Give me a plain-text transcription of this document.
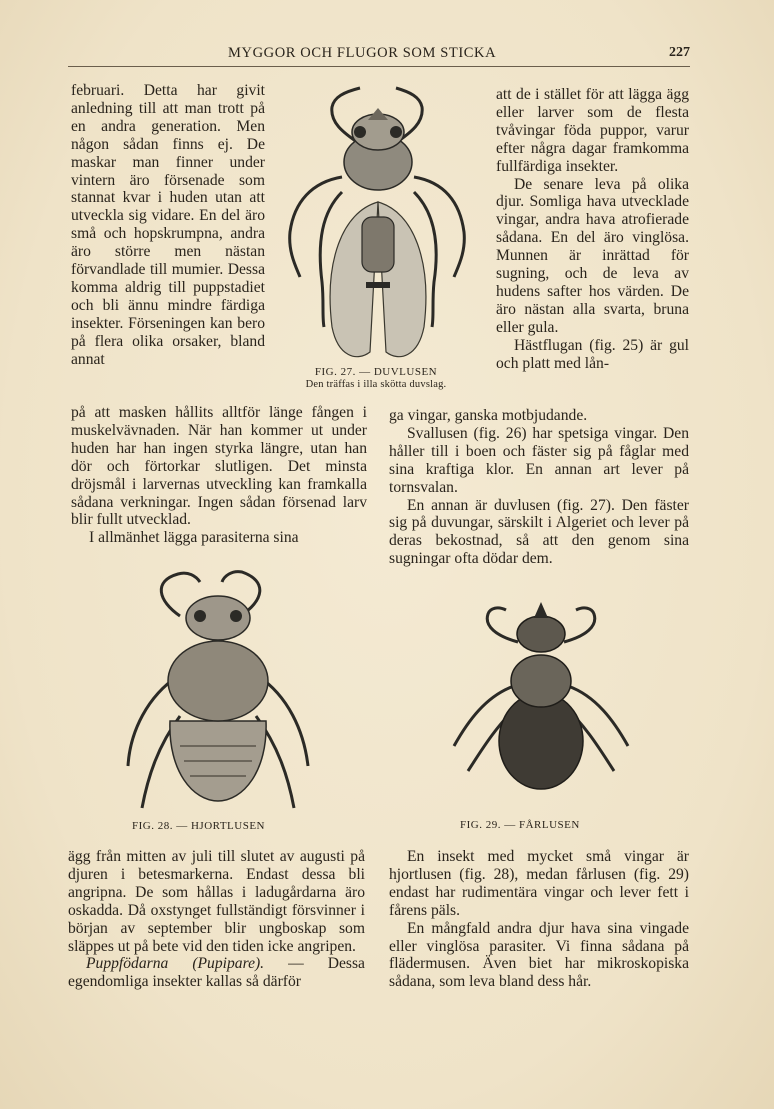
MYGGOR OCH FLUGOR SOM STICKA	227

februari. Detta har givit anledning till att man trott på en andra generation. Men någon sådan finns ej. De maskar man finner under vintern äro försenade som stannat kvar i huden utan att utveckla sig vidare. En del äro små och hopskrumpna, andra äro större men nästan förvandlade till mumier. Dessa komma aldrig till puppstadiet och bli ännu mindre färdiga insekter. Förseningen kan bero på flera olika orsaker, bland annat

på att masken hållits alltför länge fången i muskelvävnaden. När han kommer ut under huden har han ingen styrka längre, utan han dör och förtorkar slutligen. Det minsta dröjsmål i larvernas utveckling kan framkalla sådana verkningar. Ingen sådan försenad larv blir fullt utvecklad.

I allmänhet lägga parasiterna sina

att de i stället för att lägga ägg eller larver som de flesta tvåvingar föda puppor, varur efter några dagar framkomma fullfärdiga insekter.

De senare leva på olika djur. Somliga hava utvecklade vingar, andra hava atrofierade sådana. En del äro vinglösa. Munnen är inrättad för sugning, och de leva av hudens safter hos värden. De äro nästan alla svarta, bruna eller gula.

Hästflugan (fig. 25) är gul och platt med lån-

ga vingar, ganska motbjudande.

Svallusen (fig. 26) har spetsiga vingar. Den håller till i boen och fäster sig på fåglar med sina kraftiga klor. En annan art lever på tornsvalan.

En annan är duvlusen (fig. 27). Den fäster sig på duvungar, särskilt i Algeriet och lever på deras bekostnad, så att den genom sina sugningar ofta dödar dem.

ägg från mitten av juli till slutet av augusti på djuren i betesmarkerna. Endast dessa bli angripna. De som hållas i ladugårdarna äro oskadda. Då oxstynget fullständigt försvinner i början av september blir ungboskap som släppes ut på bete vid den tiden icke angripen.

Puppfödarna (Pupipare). — Dessa egendomliga insekter kallas så därför

En insekt med mycket små vingar är hjortlusen (fig. 28), medan fårlusen (fig. 29) endast har rudimentära vingar och lever fett i fårens päls.

En mångfald andra djur hava sina vingade eller vinglösa parasiter. Vi finna sådana på flädermusen. Även biet har mikroskopiska sådana, som leva bland dess hår.

FIG. 27. — DUVLUSEN
Den träffas i illa skötta duvslag.
FIG. 28. — HJORTLUSEN	FIG. 29. — FÅRLUSEN
